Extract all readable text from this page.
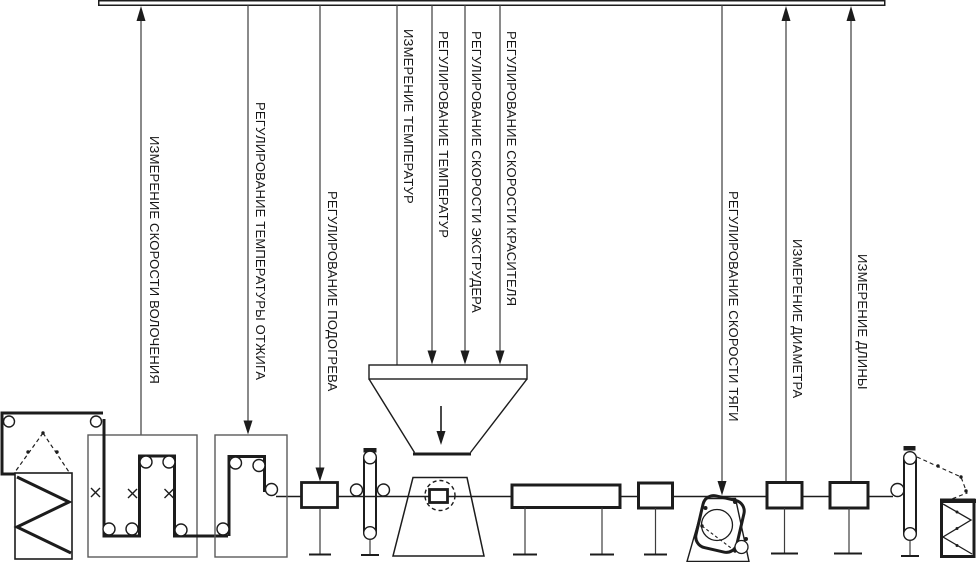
ИЗМЕРЕНИЕ СКОРОСТИ ВОЛОЧЕНИЯ	РЕГУЛИРОВАНИЕ ТЕМПЕРАТУРЫ ОТЖИГА	РЕГУЛИРОВАНИЕ ПОДОГРЕВА
ИЗМЕРЕНИЕ ТЕМПЕРАТУР РЕГУЛИРОВАНИЕ ТЕМПЕРАТУР РЕГУЛИРОВАНИЕ СКОРОСТИ ЭКСТРУДЕРА РЕГУЛИРОВАНИЕ СКОРОСТИ КРАСИТЕЛЯ
РЕГУЛИРОВАНИЕ СКОРОСТИ ТЯГИ	ИЗМЕРЕНИЕ ДИАМЕТРА	ИЗМЕРЕНИЕ ДЛИНЫ
